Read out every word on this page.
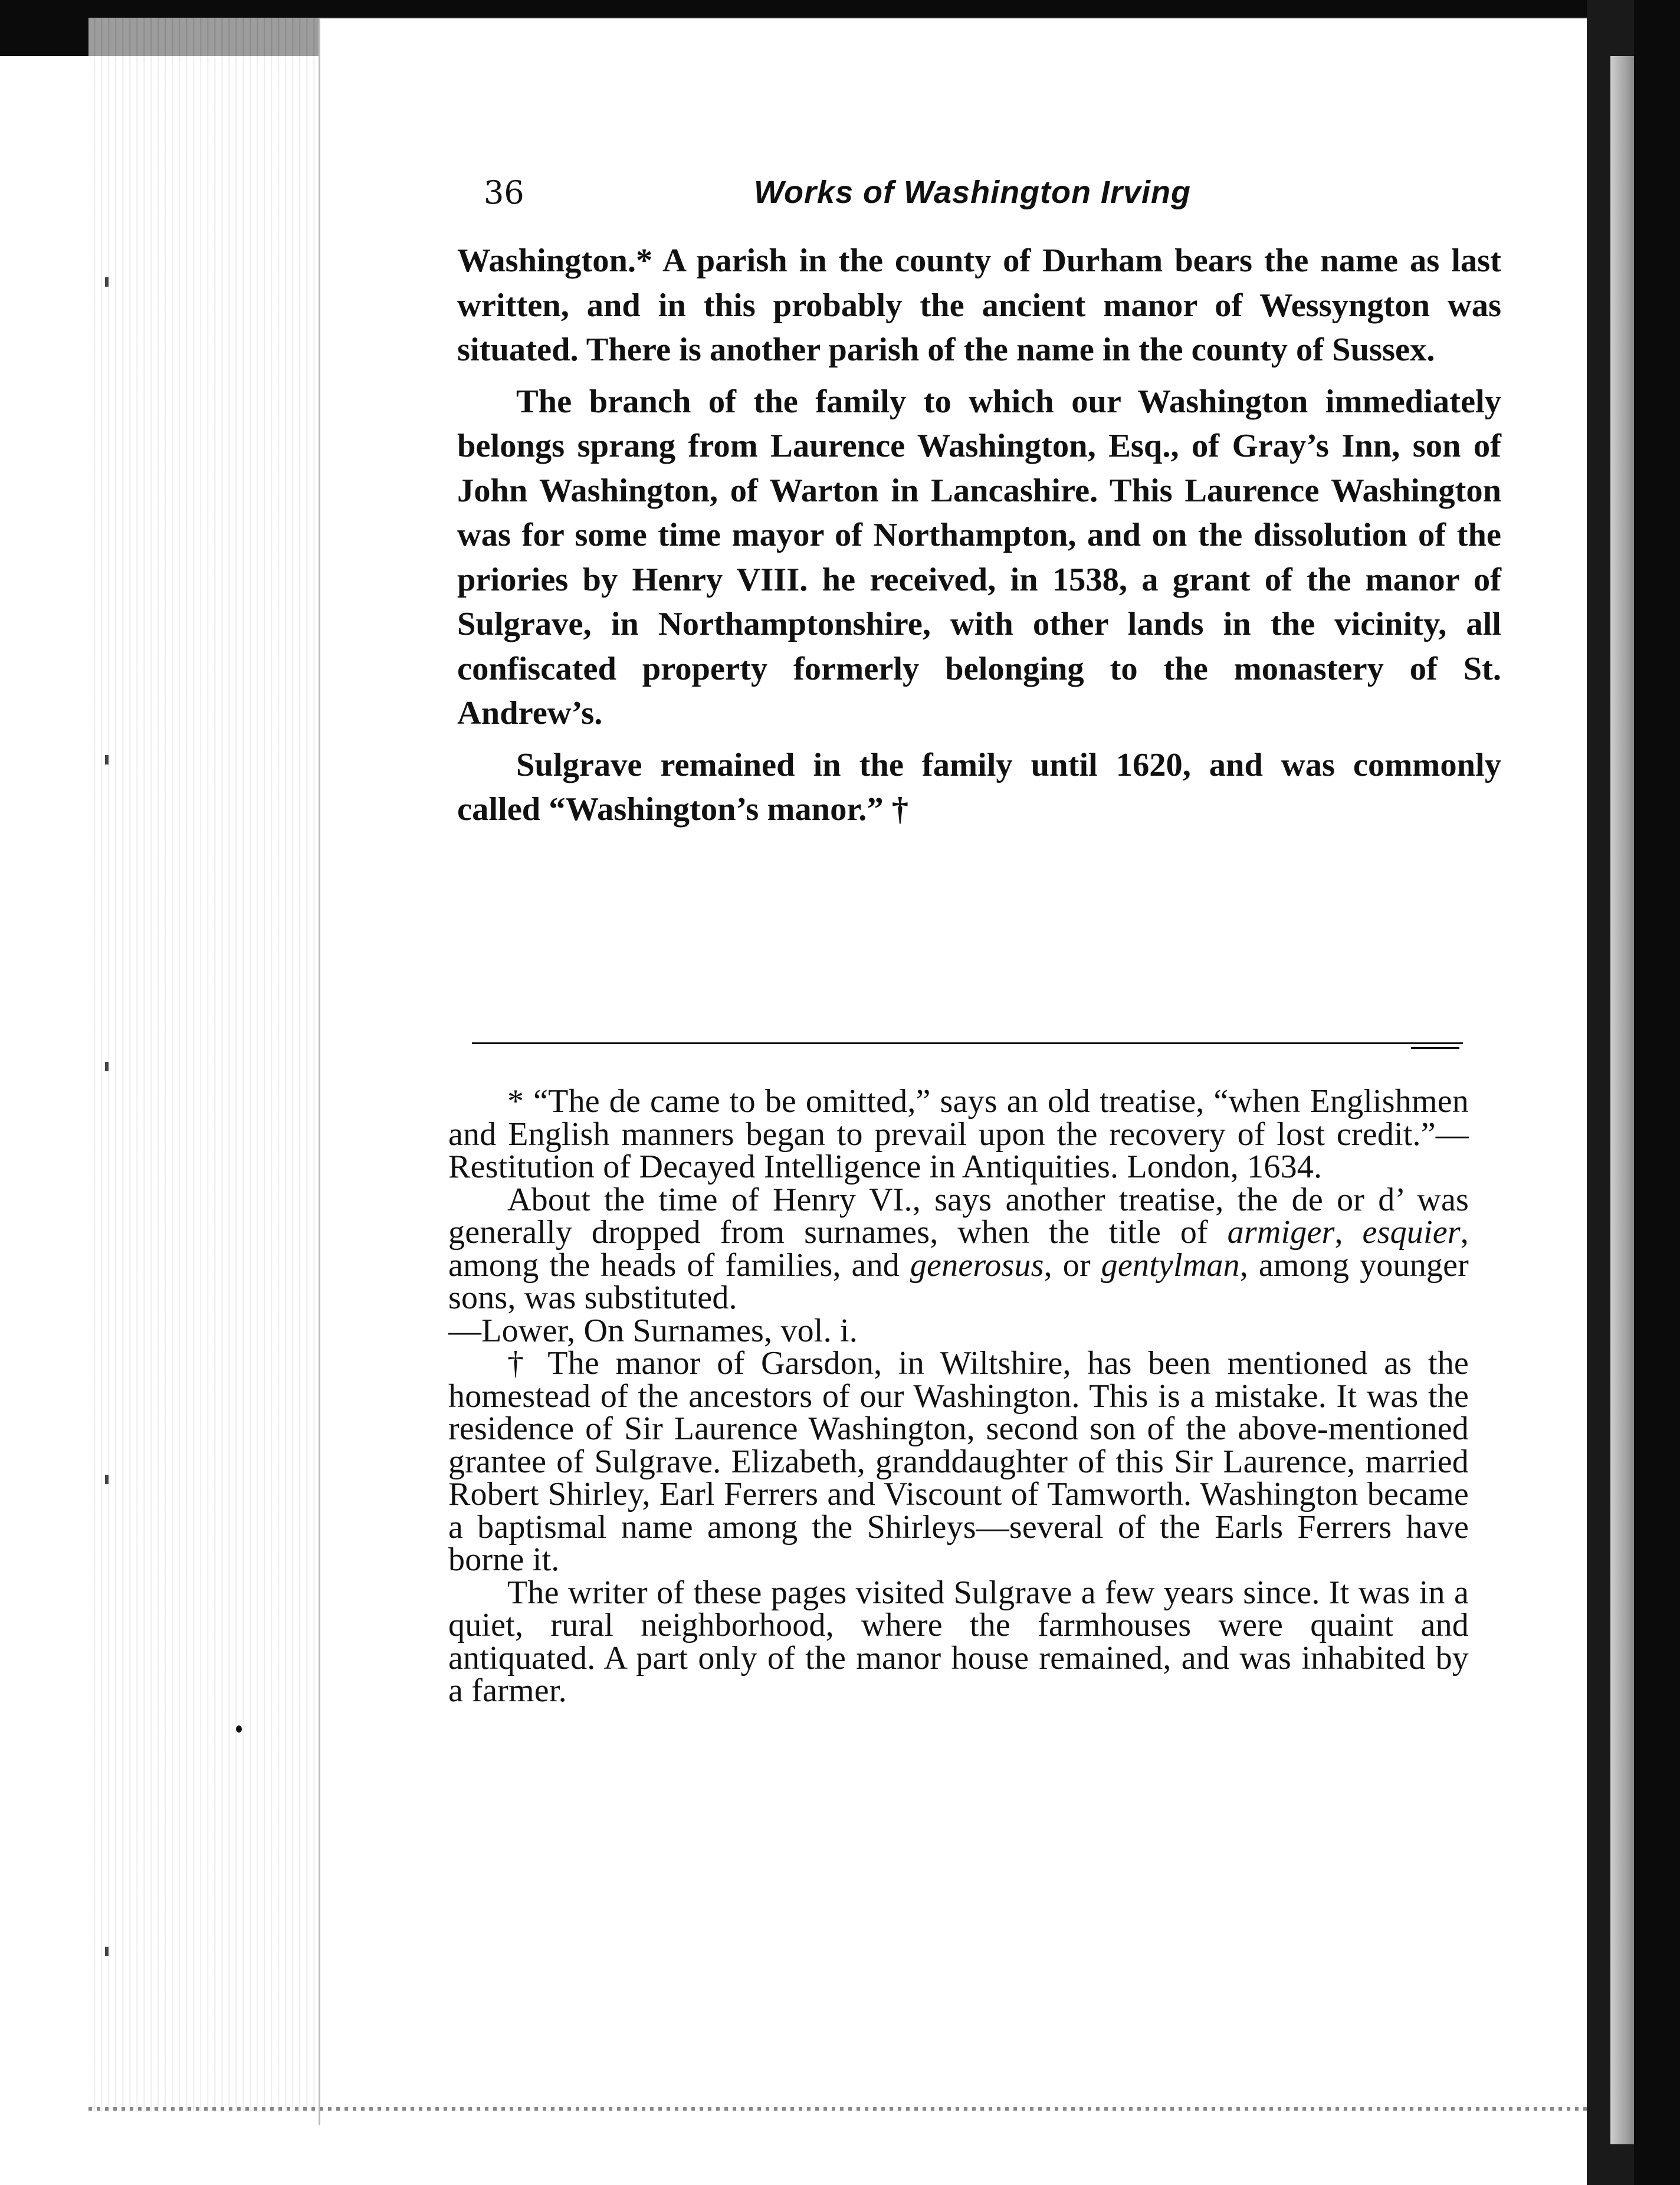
36	Works of Washington Irving

Washington.* A parish in the county of Durham bears the name as last written, and in this probably the ancient manor of Wessyngton was situated. There is another parish of the name in the county of Sussex.

The branch of the family to which our Washington immediately belongs sprang from Laurence Washington, Esq., of Gray’s Inn, son of John Washington, of Warton in Lancashire. This Laurence Washington was for some time mayor of Northampton, and on the dissolution of the priories by Henry VIII. he received, in 1538, a grant of the manor of Sulgrave, in Northamptonshire, with other lands in the vicinity, all confiscated property formerly belonging to the monastery of St. Andrew’s.

Sulgrave remained in the family until 1620, and was commonly called “Washington’s manor.” †

* “The de came to be omitted,” says an old treatise, “when Englishmen and English manners began to prevail upon the recovery of lost credit.”—Restitution of Decayed Intelligence in Antiquities. London, 1634.

About the time of Henry VI., says another treatise, the de or d’ was generally dropped from surnames, when the title of armiger, esquier, among the heads of families, and generosus, or gentylman, among younger sons, was substituted.

—Lower, On Surnames, vol. i.

† The manor of Garsdon, in Wiltshire, has been mentioned as the homestead of the ancestors of our Washington. This is a mistake. It was the residence of Sir Laurence Washington, second son of the above-mentioned grantee of Sulgrave. Elizabeth, granddaughter of this Sir Laurence, married Robert Shirley, Earl Ferrers and Viscount of Tamworth. Washington became a baptismal name among the Shirleys—several of the Earls Ferrers have borne it.

The writer of these pages visited Sulgrave a few years since. It was in a quiet, rural neighborhood, where the farmhouses were quaint and antiquated. A part only of the manor house remained, and was inhabited by a farmer.
